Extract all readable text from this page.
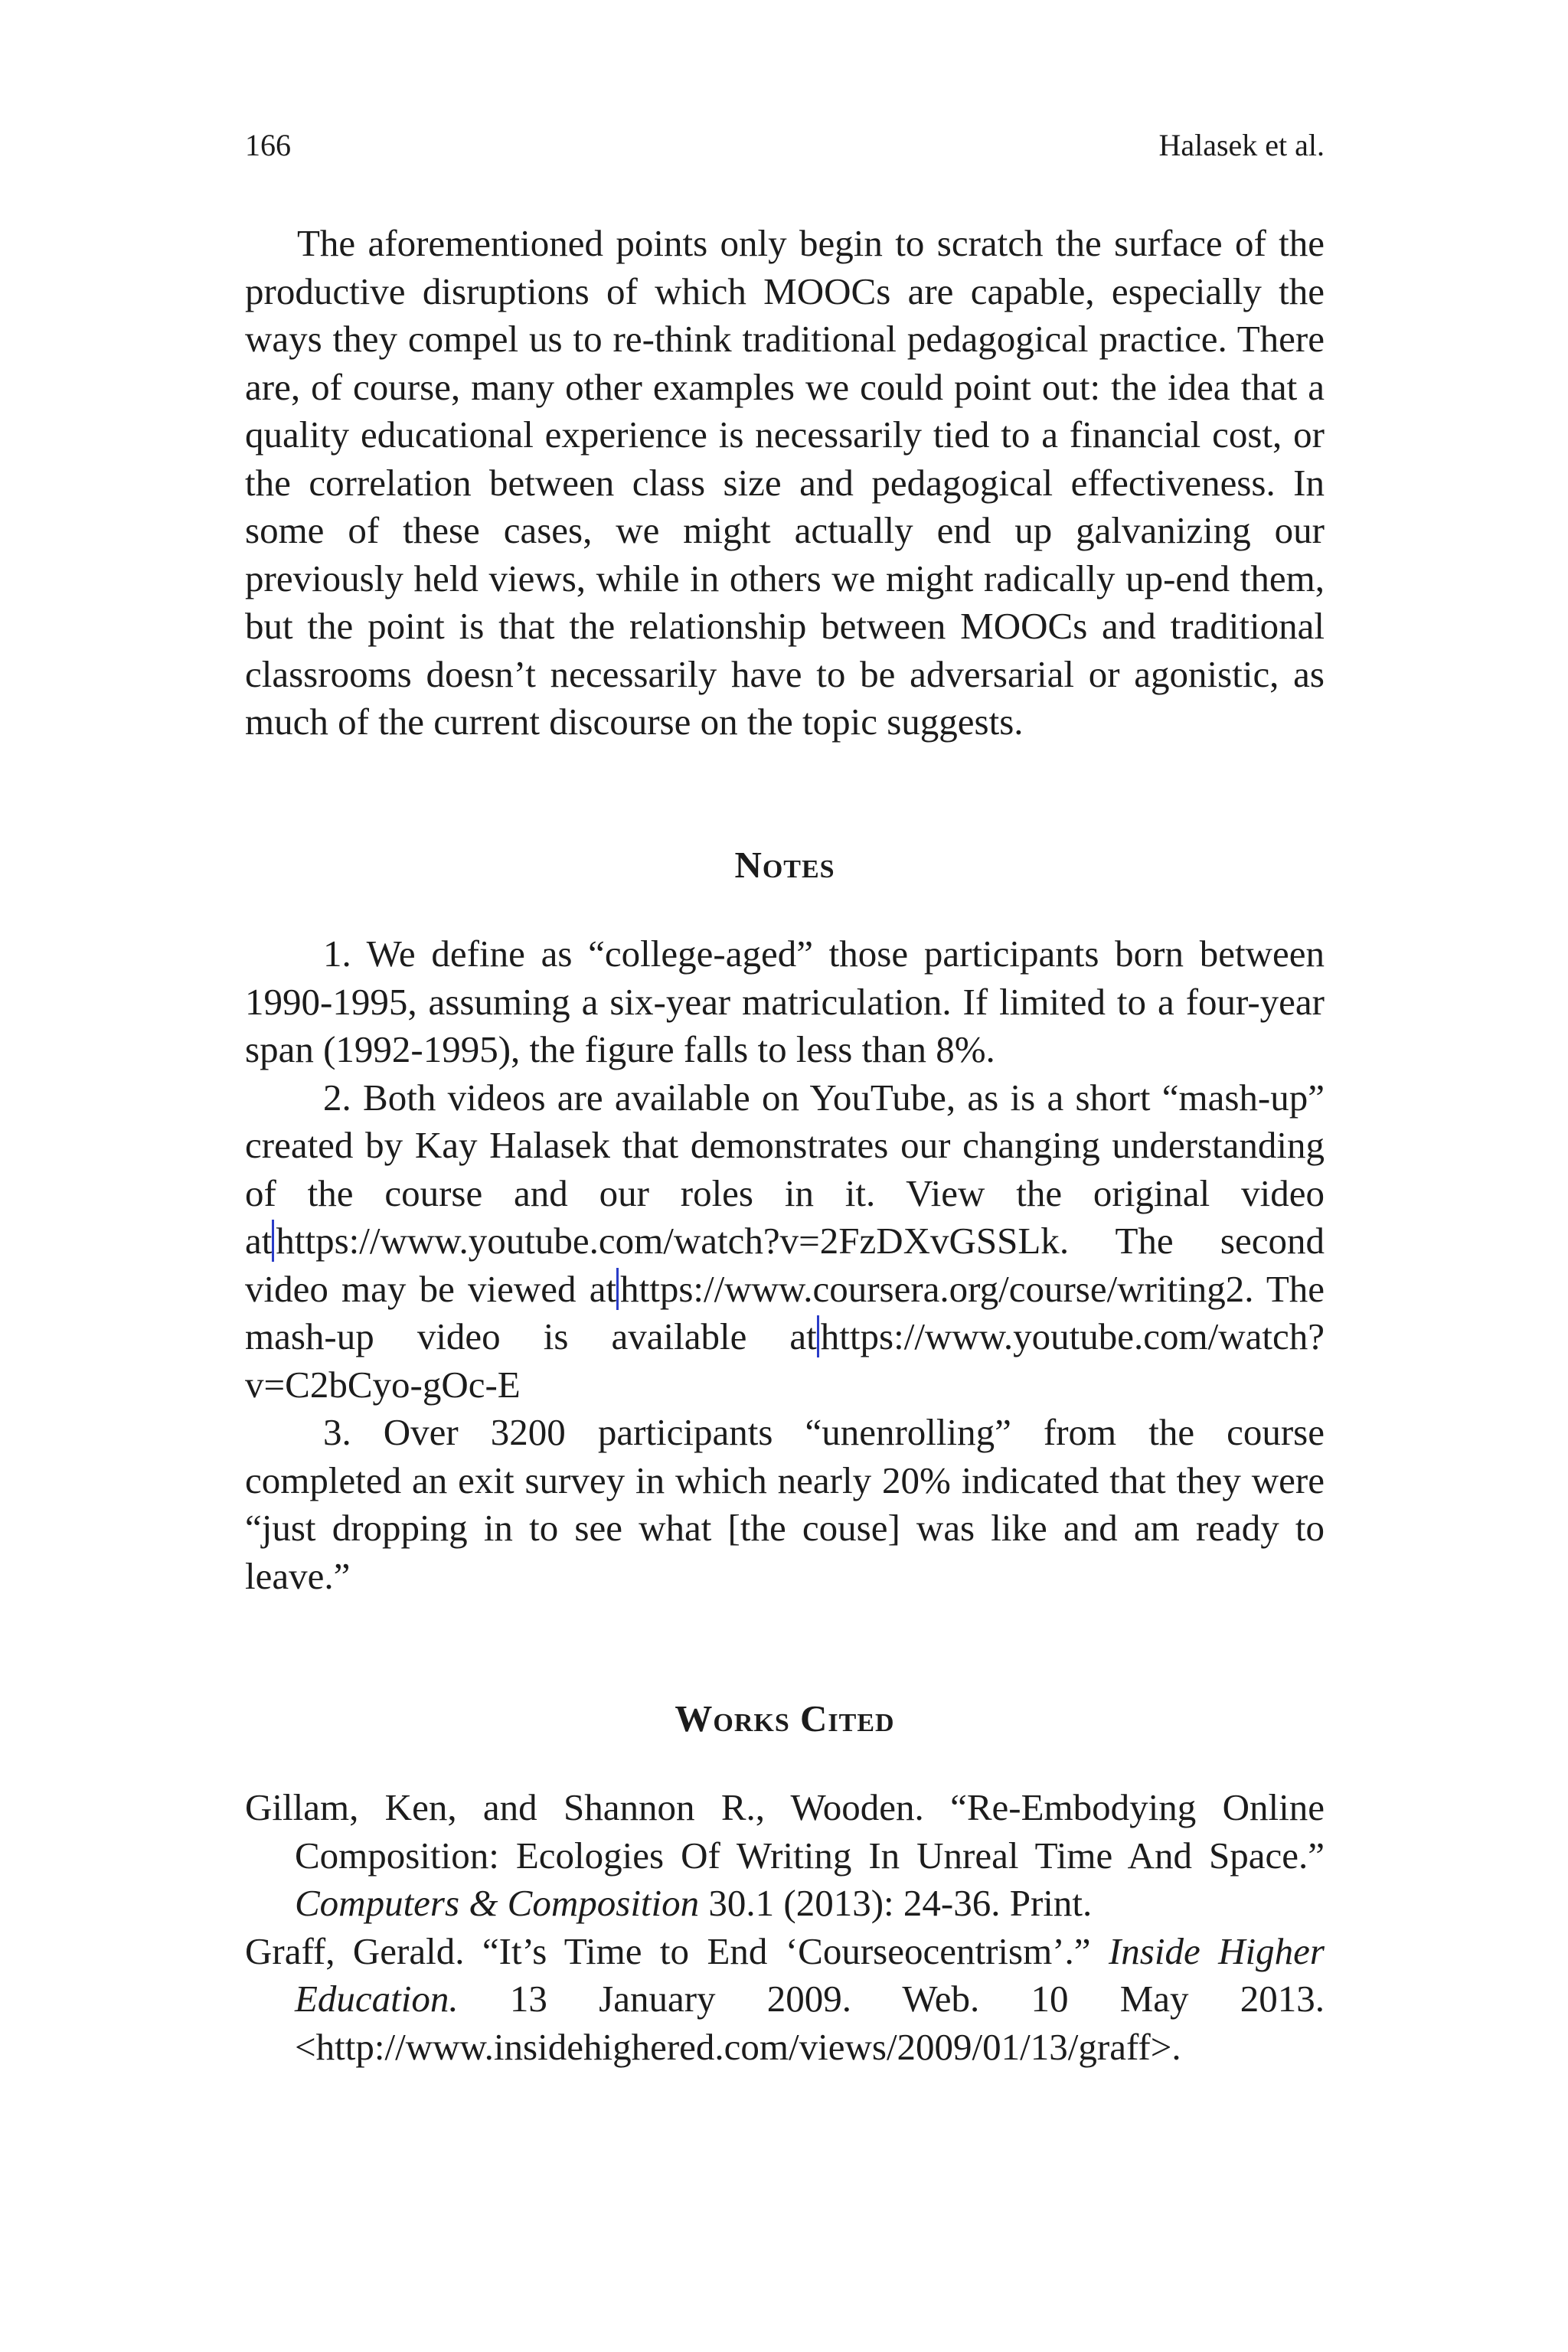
166	Halasek et al.

The aforementioned points only begin to scratch the surface of the productive disruptions of which MOOCs are capable, especially the ways they compel us to re-think traditional pedagogical practice. There are, of course, many other examples we could point out: the idea that a quality educational experience is necessarily tied to a financial cost, or the correlation between class size and pedagogical effectiveness. In some of these cases, we might actually end up galvanizing our previously held views, while in others we might radically up-end them, but the point is that the relationship between MOOCs and traditional classrooms doesn’t necessarily have to be adversarial or agonistic, as much of the current discourse on the topic suggests.

Notes

1. We define as “college-aged” those participants born between 1990-1995, assuming a six-year matriculation. If limited to a four-year span (1992-1995), the figure falls to less than 8%.

2. Both videos are available on YouTube, as is a short “mash-up” created by Kay Halasek that demonstrates our changing understanding of the course and our roles in it. View the original video at https://www.youtube.com/watch?v=2FzDXvGSSLk. The second video may be viewed at https://www.coursera.org/course/writing2. The mash-up video is available at https://www.youtube.com/watch?v=C2bCyo-gOc-E

3. Over 3200 participants “unenrolling” from the course completed an exit survey in which nearly 20% indicated that they were “just dropping in to see what [the couse] was like and am ready to leave.”

Works Cited

Gillam, Ken, and Shannon R., Wooden. “Re-Embodying Online Composition: Ecologies Of Writing In Unreal Time And Space.” Computers & Composition 30.1 (2013): 24-36. Print.

Graff, Gerald. “It’s Time to End ‘Courseocentrism’.” Inside Higher Education. 13 January 2009. Web. 10 May 2013. <http://www.insidehighered.com/views/2009/01/13/graff>.
